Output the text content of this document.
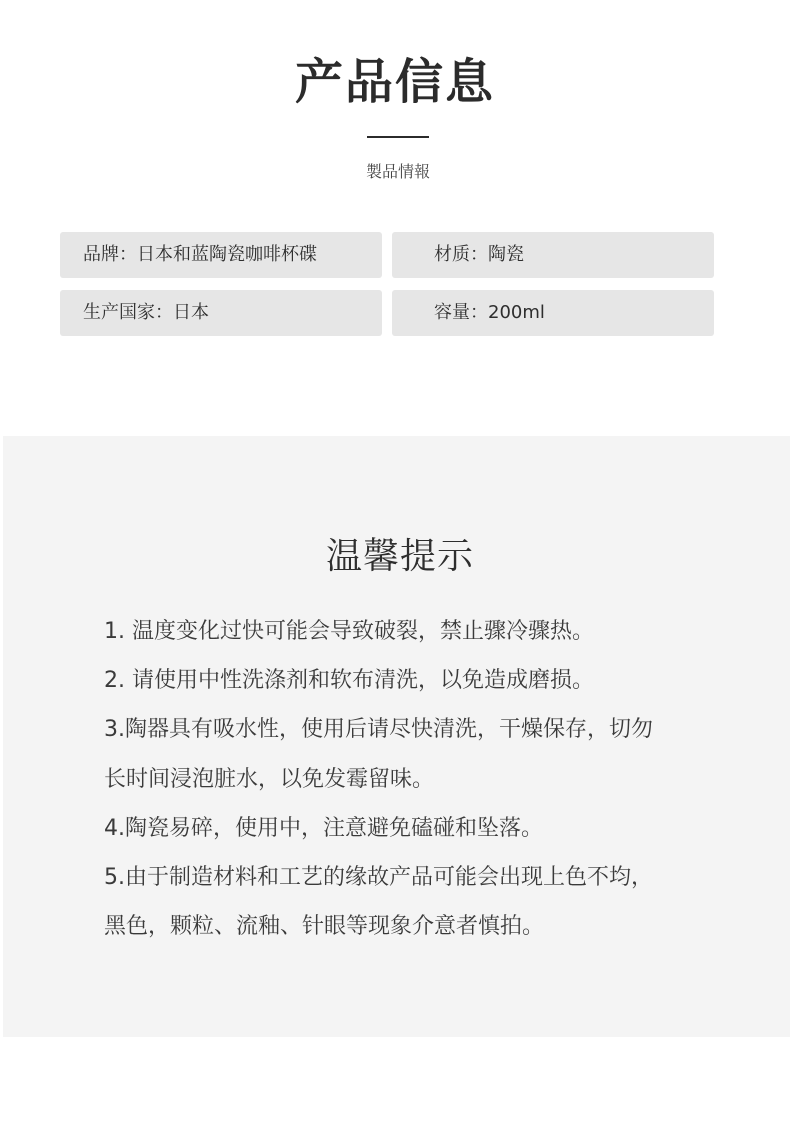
产品信息
製品情報
品牌：日本和蓝陶瓷咖啡杯碟	材质：陶瓷
生产国家：日本	容量：200ml
温馨提示
1. 温度变化过快可能会导致破裂，禁止骤冷骤热。
2. 请使用中性洗涤剂和软布清洗，以免造成磨损。
3.陶器具有吸水性，使用后请尽快清洗，干燥保存，切勿
长时间浸泡脏水，以免发霉留味。
4.陶瓷易碎，使用中，注意避免磕碰和坠落。
5.由于制造材料和工艺的缘故产品可能会出现上色不均，
黑色，颗粒、流釉、针眼等现象介意者慎拍。
